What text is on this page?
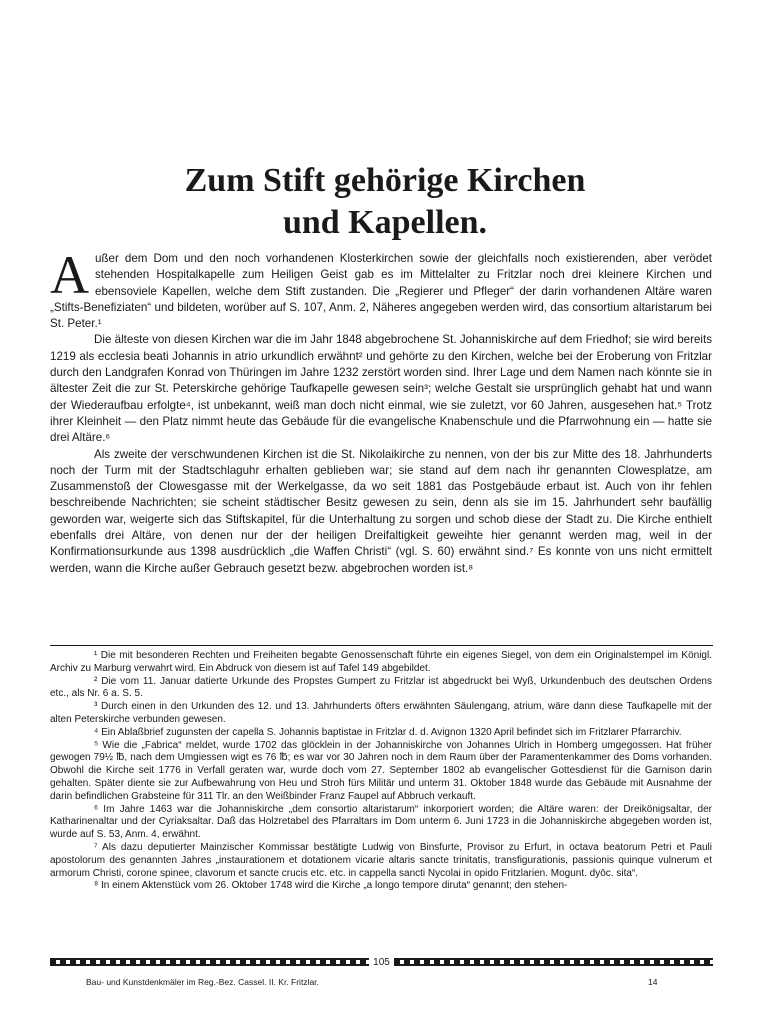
Zum Stift gehörige Kirchen
und Kapellen.

Außer dem Dom und den noch vorhandenen Klosterkirchen sowie der gleichfalls noch existierenden, aber verödet stehenden Hospitalkapelle zum Heiligen Geist gab es im Mittelalter zu Fritzlar noch drei kleinere Kirchen und ebensoviele Kapellen, welche dem Stift zustanden. Die „Regierer und Pfleger“ der darin vorhandenen Altäre waren „Stifts-Benefiziaten“ und bildeten, worüber auf S. 107, Anm. 2, Näheres angegeben werden wird, das consortium altaristarum bei St. Peter.¹

Die älteste von diesen Kirchen war die im Jahr 1848 abgebrochene St. Johanniskirche auf dem Friedhof; sie wird bereits 1219 als ecclesia beati Johannis in atrio urkundlich erwähnt² und gehörte zu den Kirchen, welche bei der Eroberung von Fritzlar durch den Landgrafen Konrad von Thüringen im Jahre 1232 zerstört worden sind. Ihrer Lage und dem Namen nach könnte sie in ältester Zeit die zur St. Peterskirche gehörige Taufkapelle gewesen sein³; welche Gestalt sie ursprünglich gehabt hat und wann der Wiederaufbau erfolgte⁴, ist unbekannt, weiß man doch nicht einmal, wie sie zuletzt, vor 60 Jahren, ausgesehen hat.⁵ Trotz ihrer Kleinheit — den Platz nimmt heute das Gebäude für die evangelische Knabenschule und die Pfarrwohnung ein — hatte sie drei Altäre.⁶

Als zweite der verschwundenen Kirchen ist die St. Nikolaikirche zu nennen, von der bis zur Mitte des 18. Jahrhunderts noch der Turm mit der Stadtschlaguhr erhalten geblieben war; sie stand auf dem nach ihr genannten Clowesplatze, am Zusammenstoß der Clowesgasse mit der Werkelgasse, da wo seit 1881 das Postgebäude erbaut ist. Auch von ihr fehlen beschreibende Nachrichten; sie scheint städtischer Besitz gewesen zu sein, denn als sie im 15. Jahrhundert sehr baufällig geworden war, weigerte sich das Stiftskapitel, für die Unterhaltung zu sorgen und schob diese der Stadt zu. Die Kirche enthielt ebenfalls drei Altäre, von denen nur der der heiligen Dreifaltigkeit geweihte hier genannt werden mag, weil in der Konfirmationsurkunde aus 1398 ausdrücklich „die Waffen Christi“ (vgl. S. 60) erwähnt sind.⁷ Es konnte von uns nicht ermittelt werden, wann die Kirche außer Gebrauch gesetzt bezw. abgebrochen worden ist.⁸

¹ Die mit besonderen Rechten und Freiheiten begabte Genossenschaft führte ein eigenes Siegel, von dem ein Originalstempel im Königl. Archiv zu Marburg verwahrt wird. Ein Abdruck von diesem ist auf Tafel 149 abgebildet.

² Die vom 11. Januar datierte Urkunde des Propstes Gumpert zu Fritzlar ist abgedruckt bei Wyß, Urkundenbuch des deutschen Ordens etc., als Nr. 6 a. S. 5.

³ Durch einen in den Urkunden des 12. und 13. Jahrhunderts öfters erwähnten Säulengang, atrium, wäre dann diese Taufkapelle mit der alten Peterskirche verbunden gewesen.

⁴ Ein Ablaßbrief zugunsten der capella S. Johannis baptistae in Fritzlar d. d. Avignon 1320 April befindet sich im Fritzlarer Pfarrarchiv.

⁵ Wie die „Fabrica“ meldet, wurde 1702 das glöcklein in der Johanniskirche von Johannes Ulrich in Homberg umgegossen. Hat früher gewogen 79½ ℔, nach dem Umgiessen wigt es 76 ℔; es war vor 30 Jahren noch in dem Raum über der Paramentenkammer des Doms vorhanden. Obwohl die Kirche seit 1776 in Verfall geraten war, wurde doch vom 27. September 1802 ab evangelischer Gottesdienst für die Garnison darin gehalten. Später diente sie zur Aufbewahrung von Heu und Stroh fürs Militär und unterm 31. Oktober 1848 wurde das Gebäude mit Ausnahme der darin befindlichen Grabsteine für 311 Tlr. an den Weißbinder Franz Faupel auf Abbruch verkauft.

⁶ Im Jahre 1463 war die Johanniskirche „dem consortio altaristarum“ inkorporiert worden; die Altäre waren: der Dreikönigsaltar, der Katharinenaltar und der Cyriaksaltar. Daß das Holzretabel des Pfarraltars im Dom unterm 6. Juni 1723 in die Johanniskirche abgegeben worden ist, wurde auf S. 53, Anm. 4, erwähnt.

⁷ Als dazu deputierter Mainzischer Kommissar bestätigte Ludwig von Binsfurte, Provisor zu Erfurt, in octava beatorum Petri et Pauli apostolorum des genannten Jahres „instaurationem et dotationem vicarie altaris sancte trinitatis, transfigurationis, passionis quinque vulnerum et armorum Christi, corone spinee, clavorum et sancte crucis etc. etc. in cappella sancti Nycolai in opido Fritzlarien. Mogunt. dyōc. sita“.

⁸ In einem Aktenstück vom 26. Oktober 1748 wird die Kirche „a longo tempore diruta“ genannt; den stehen-

105
Bau- und Kunstdenkmäler im Reg.-Bez. Cassel. II. Kr. Fritzlar.	14
